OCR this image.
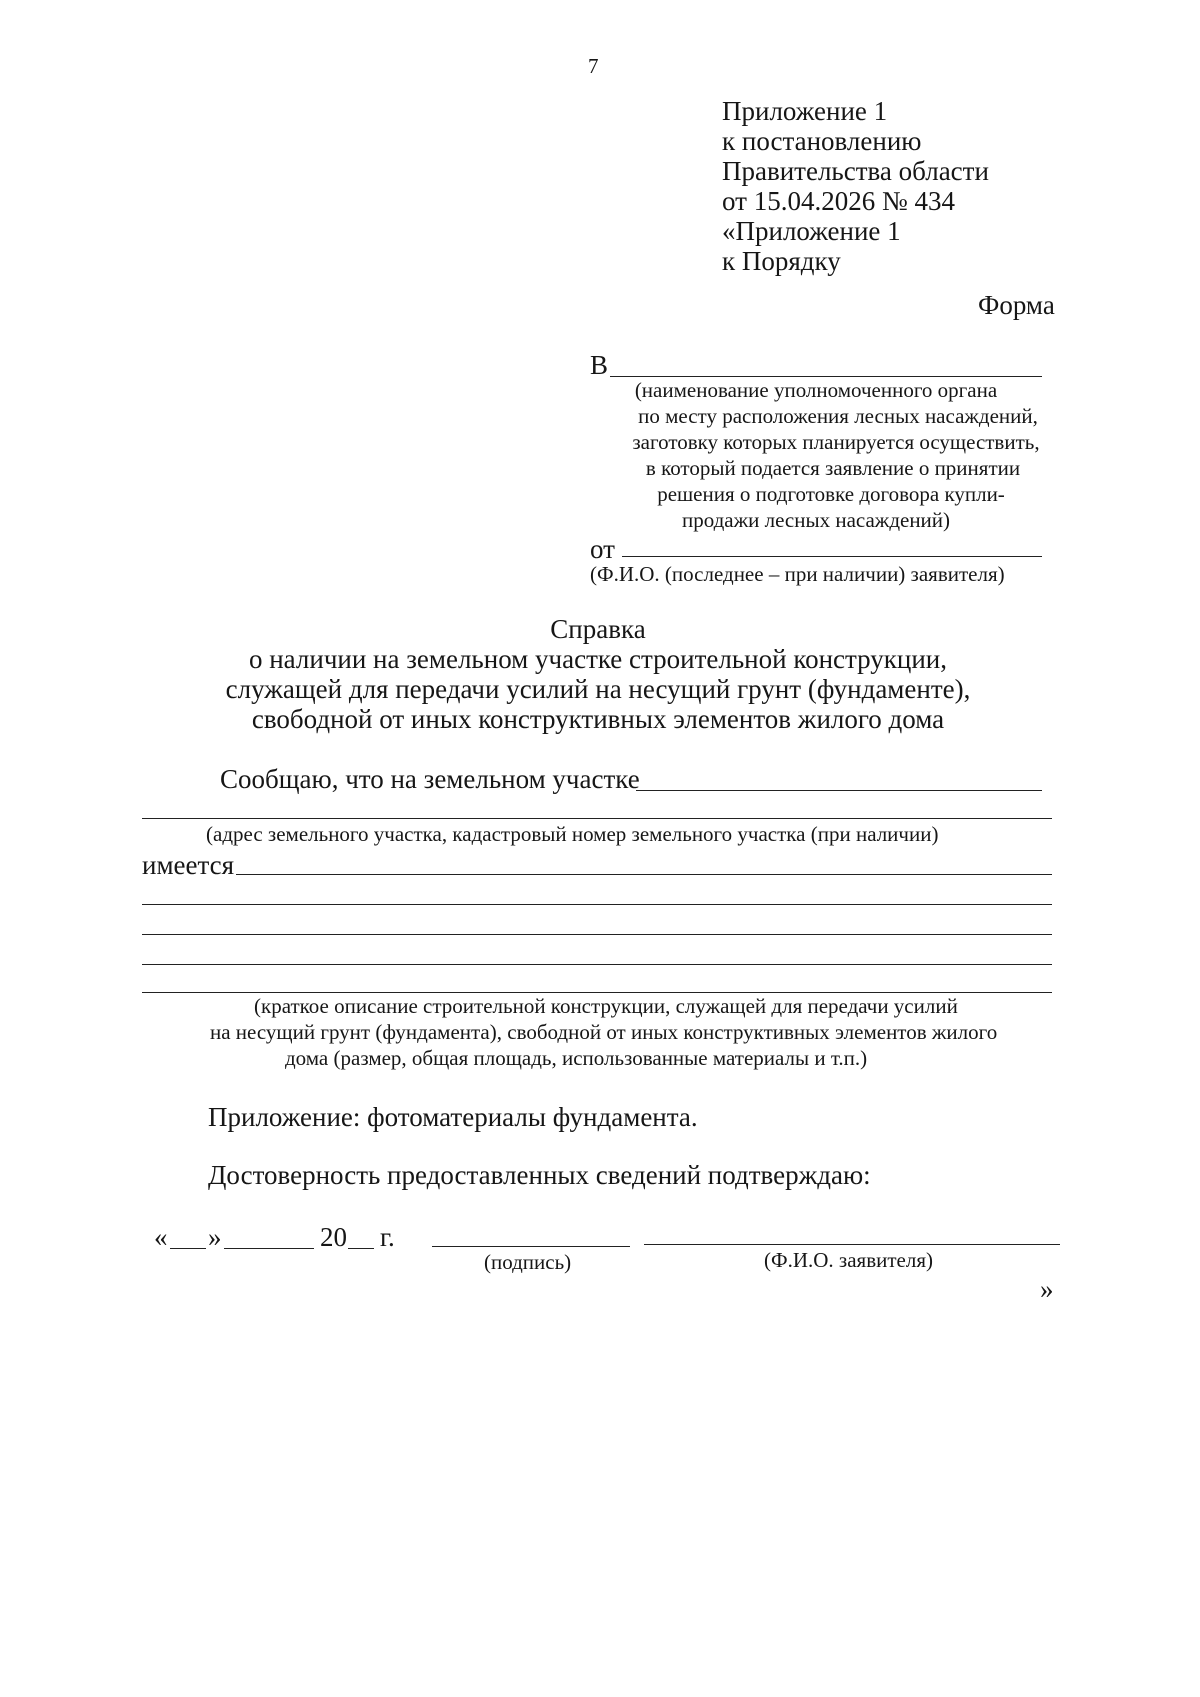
7
Приложение 1
к постановлению
Правительства области
от 15.04.2026 № 434
«Приложение 1
к Порядку
Форма
В
(наименование уполномоченного органа
по месту расположения лесных насаждений,
заготовку которых планируется осуществить,
в который подается заявление о принятии
решения о подготовке договора купли-
продажи лесных насаждений)
от
(Ф.И.О. (последнее – при наличии) заявителя)
Справка
о наличии на земельном участке строительной конструкции,
служащей для передачи усилий на несущий грунт (фундаменте),
свободной от иных конструктивных элементов жилого дома
Сообщаю, что на земельном участке
(адрес земельного участка, кадастровый номер земельного участка (при наличии)
имеется
(краткое описание строительной конструкции, служащей для передачи усилий
на несущий грунт (фундамента), свободной от иных конструктивных элементов жилого
дома (размер, общая площадь, использованные материалы и т.п.)
Приложение: фотоматериалы фундамента.
Достоверность предоставленных сведений подтверждаю:
« »	20 г.
(подпись)	(Ф.И.О. заявителя)
»
